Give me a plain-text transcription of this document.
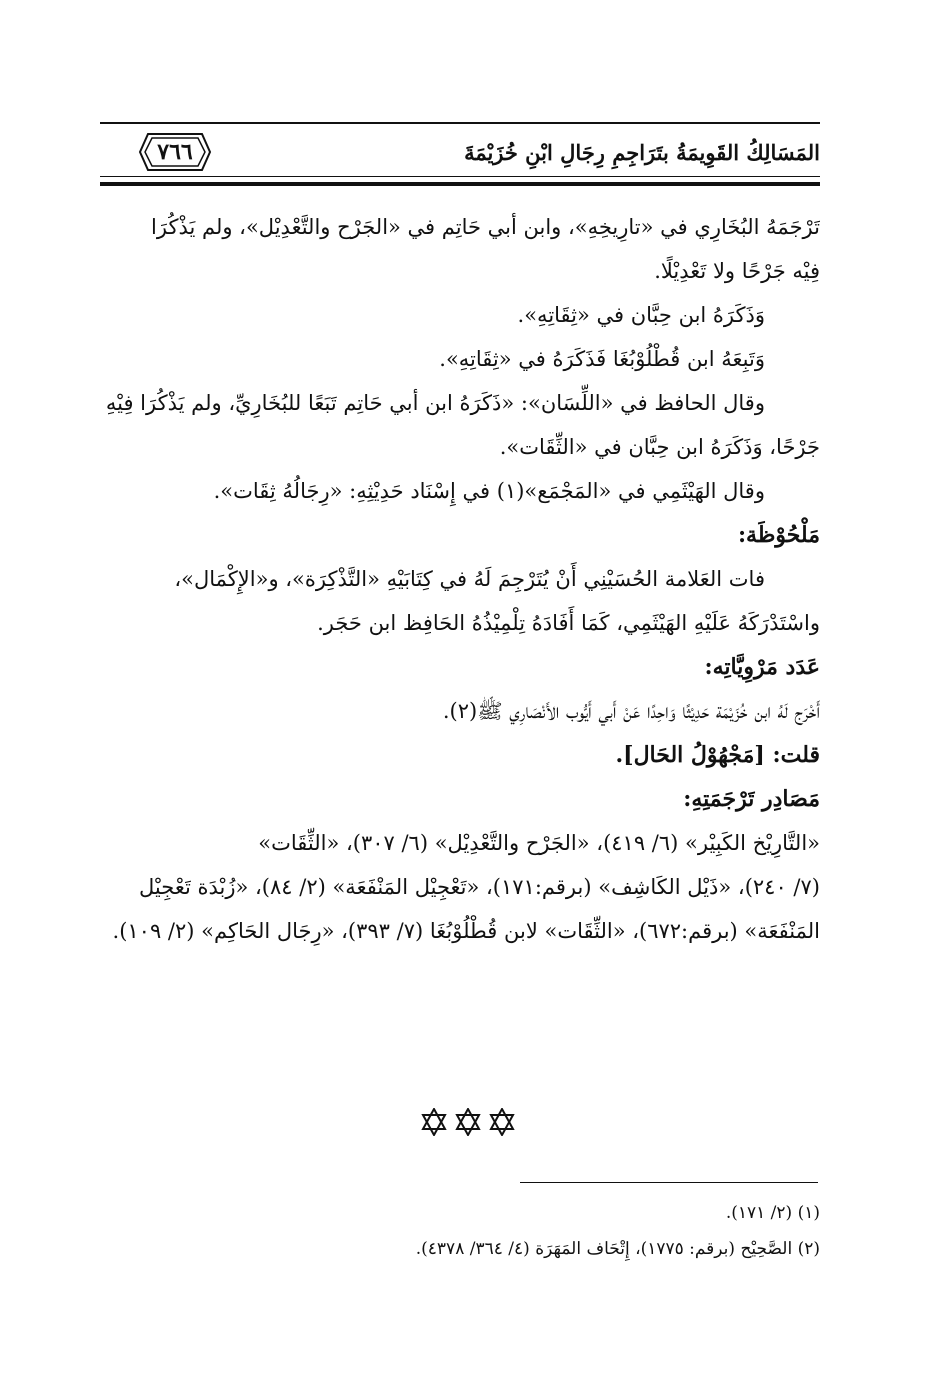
المَسَالِكُ القَوِيمَةُ بتَرَاجِمِ رِجَالِ ابْنِ خُزَيْمَةَ
٧٦٦
تَرْجَمَهُ البُخَارِي في «تارِيخِهِ»، وابن أبي حَاتِم في «الجَرْح والتَّعْدِيْل»، ولم يَذْكُرَا
فِيْه جَرْحًا ولا تَعْدِيْلًا.
وَذَكَرَهُ ابن حِبَّان في «ثِقَاتِهِ».
وَتَبِعَهُ ابن قُطْلُوْبُغَا فَذَكَرَهُ في «ثِقَاتِهِ».
وقال الحافظ في «اللِّسَان»: «ذَكَرَهُ ابن أبي حَاتِم تَبَعًا للبُخَارِيِّ، ولم يَذْكُرَا فِيْهِ
جَرْحًا، وَذَكَرَهُ ابن حِبَّان في «الثِّقَات».
وقال الهَيْثَمِي في «المَجْمَع»(١) في إِسْنَاد حَدِيْثِهِ: «رِجَالُهُ ثِقَات».
مَلْحُوْظَة:
فات العَلامة الحُسَيْنِي أَنْ يُتَرْجِمَ لَهُ في كِتَابَيْهِ «التَّذْكِرَة»، و«الإِكْمَال»،
واسْتَدْرَكَهُ عَلَيْهِ الهَيْثَمِي، كَمَا أَفَادَهُ تِلْمِيْذُهُ الحَافِظ ابن حَجَر.
عَدَد مَرْوِيَّاتِه:
أَخْرَج لَهُ ابن خُزَيْمَة حَدِيْثًا وَاحِدًا عَنْ أَبي أَيُّوب الأَنْصَارِي ﷺ(٢).
قلت: [مَجْهُوْلُ الحَال].
مَصَادِر تَرْجَمَتِهِ:
«التَّارِيْخ الكَبِيْر» (٦/ ٤١٩)، «الجَرْح والتَّعْدِيْل» (٦/ ٣٠٧)، «الثِّقَات»
(٧/ ٢٤٠)، «ذَيْل الكَاشِف» (برقم:١٧١)، «تَعْجِيْل المَنْفَعَة» (٢/ ٨٤)، «زُبْدَة تَعْجِيْل
المَنْفَعَة» (برقم:٦٧٢)، «الثِّقَات» لابن قُطْلُوْبُغَا (٧/ ٣٩٣)، «رِجَال الحَاكِم» (٢/ ١٠٩).
(١) (٢/ ١٧١).
(٢) الصَّحِيْح (برقم: ١٧٧٥)، إِتْحَاف المَهَرَة (٤/ ٣٦٤/ ٤٣٧٨).
